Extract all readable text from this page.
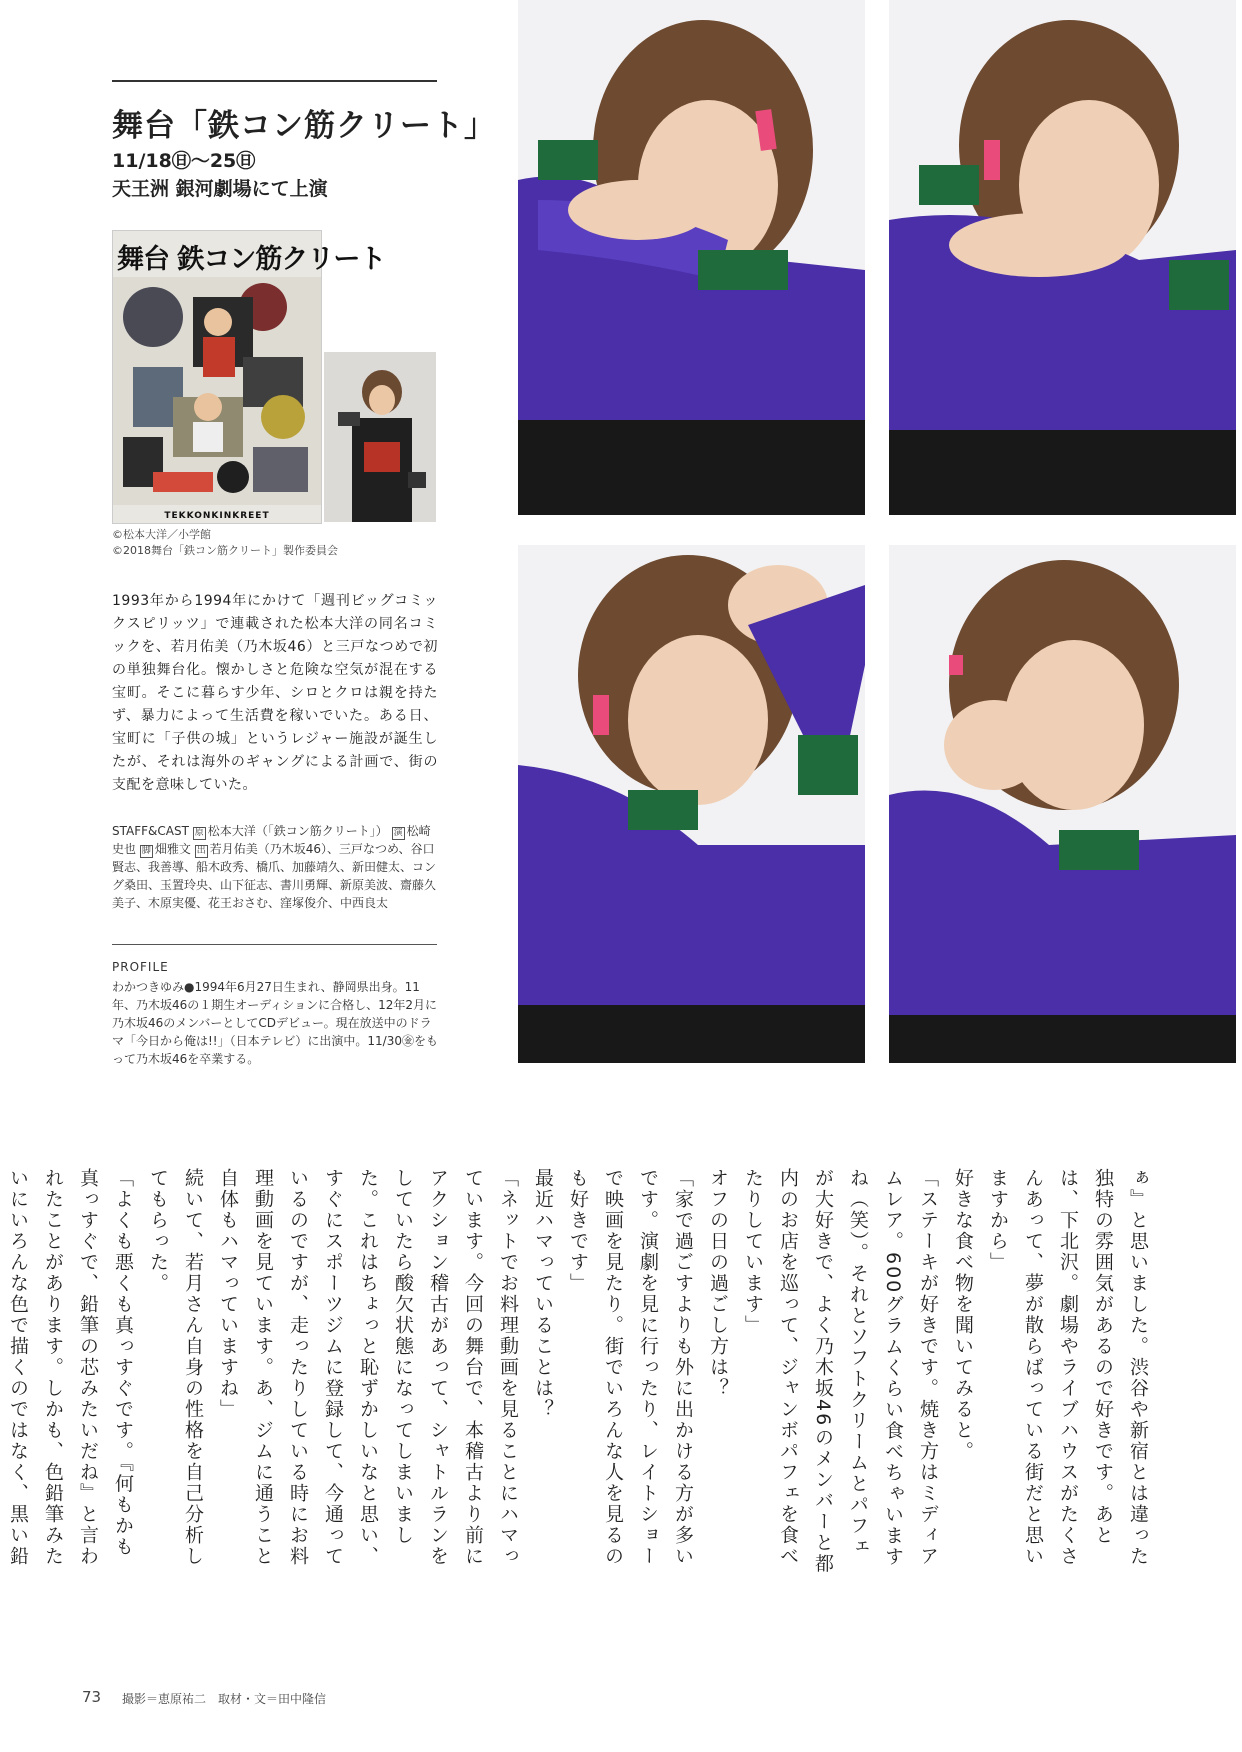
舞台「鉄コン筋クリート」
11/18㊐〜25㊐
天王洲 銀河劇場にて上演
舞台 鉄コン筋クリート
TEKKONKINKREET
©松本大洋／小学館
©2018舞台「鉄コン筋クリート」製作委員会
1993年から1994年にかけて「週刊ビッグコミックスピリッツ」で連載された松本大洋の同名コミックを、若月佑美（乃木坂46）と三戸なつめで初の単独舞台化。懐かしさと危険な空気が混在する宝町。そこに暮らす少年、シロとクロは親を持たず、暴力によって生活費を稼いでいた。ある日、宝町に「子供の城」というレジャー施設が誕生したが、それは海外のギャングによる計画で、街の支配を意味していた。
STAFF&CAST 原 松本大洋（「鉄コン筋クリート」） 演 松崎史也 脚 畑雅文 出 若月佑美（乃木坂46）、三戸なつめ、谷口賢志、我善導、船木政秀、橋爪、加藤靖久、新田健太、コング桑田、玉置玲央、山下征志、書川勇輝、新原美波、齋藤久美子、木原実優、花王おさむ、窪塚俊介、中西良太
PROFILE
わかつきゆみ●1994年6月27日生まれ、静岡県出身。11年、乃木坂46の１期生オーディションに合格し、12年2月に乃木坂46のメンバーとしてCDデビュー。現在放送中のドラマ「今日から俺は!!」（日本テレビ）に出演中。11/30㊎をもって乃木坂46を卒業する。

ぁ』と思いました。渋谷や新宿とは違った独特の雰囲気があるので好きです。あとは、下北沢。劇場やライブハウスがたくさんあって、夢が散らばっている街だと思いますから」

好きな食べ物を聞いてみると。

「ステーキが好きです。焼き方はミディアムレア。600グラムくらい食べちゃいますね（笑）。それとソフトクリームとパフェが大好きで、よく乃木坂46のメンバーと都内のお店を巡って、ジャンボパフェを食べたりしています」

オフの日の過ごし方は？

「家で過ごすよりも外に出かける方が多いです。演劇を見に行ったり、レイトショーで映画を見たり。街でいろんな人を見るのも好きです」

最近ハマっていることは？

「ネットでお料理動画を見ることにハマっています。今回の舞台で、本稽古より前にアクション稽古があって、シャトルランをしていたら酸欠状態になってしまいました。これはちょっと恥ずかしいなと思い、すぐにスポーツジムに登録して、今通っているのですが、走ったりしている時にお料理動画を見ています。あ、ジムに通うこと自体もハマっていますね」

続いて、若月さん自身の性格を自己分析してもらった。

「よくも悪くも真っすぐです。『何もかも真っすぐで、鉛筆の芯みたいだね』と言われたことがあります。しかも、色鉛筆みたいにいろんな色で描くのではなく、黒い鉛

73 撮影＝恵原祐二　取材・文＝田中隆信
